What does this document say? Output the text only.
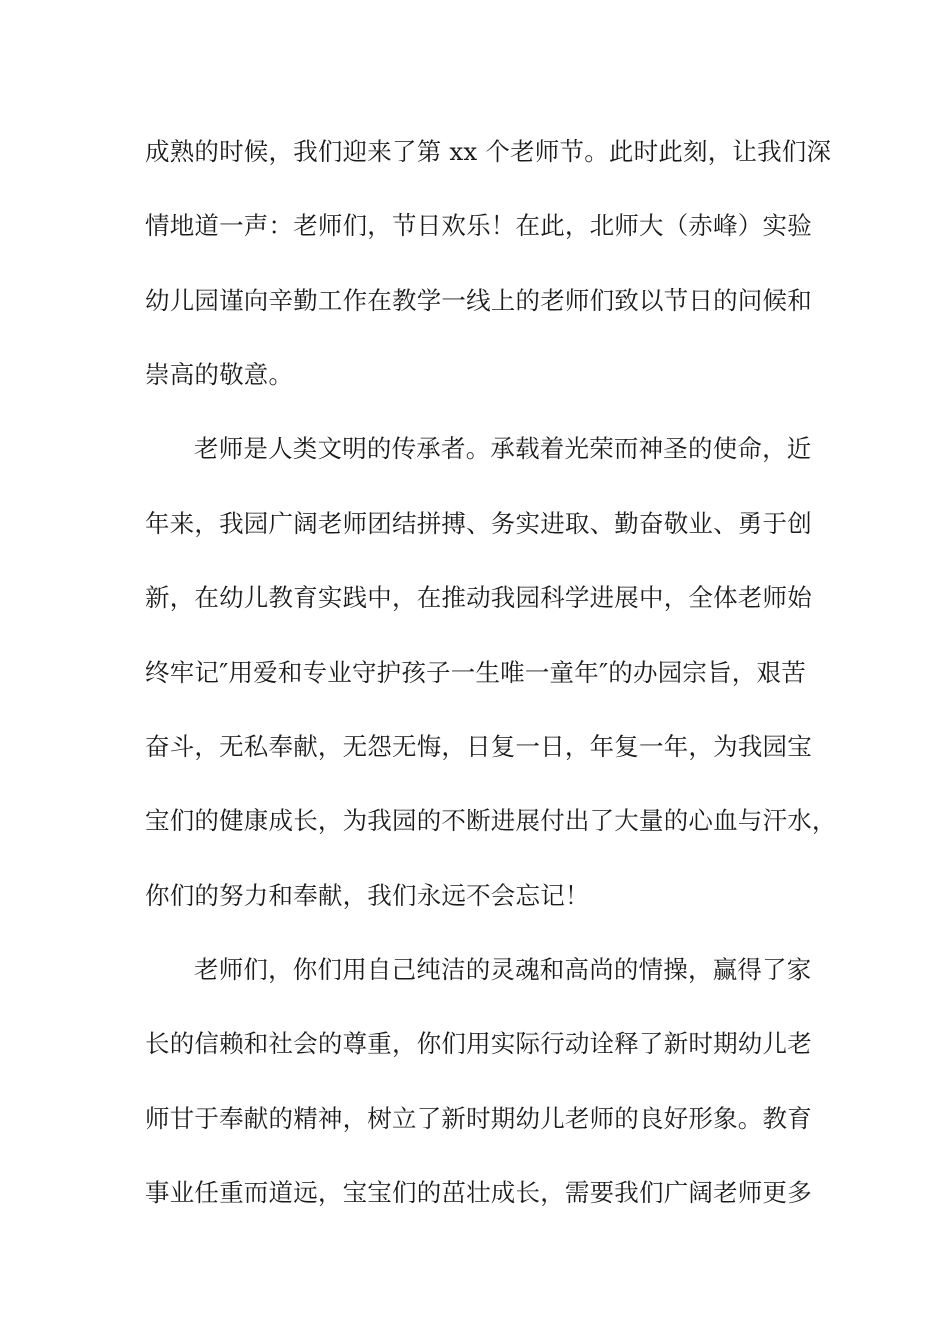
成熟的时候，我们迎来了第 xx 个老师节。此时此刻，让我们深
情地道一声：老师们，节日欢乐！在此，北师大（赤峰）实验
幼儿园谨向辛勤工作在教学一线上的老师们致以节日的问候和
崇高的敬意。
老师是人类文明的传承者。承载着光荣而神圣的使命，近
年来，我园广阔老师团结拼搏、务实进取、勤奋敬业、勇于创
新，在幼儿教育实践中，在推动我园科学进展中，全体老师始
终牢记″用爱和专业守护孩子一生唯一童年″的办园宗旨，艰苦
奋斗，无私奉献，无怨无悔，日复一日，年复一年，为我园宝
宝们的健康成长，为我园的不断进展付出了大量的心血与汗水，
你们的努力和奉献，我们永远不会忘记！
老师们，你们用自己纯洁的灵魂和高尚的情操，赢得了家
长的信赖和社会的尊重，你们用实际行动诠释了新时期幼儿老
师甘于奉献的精神，树立了新时期幼儿老师的良好形象。教育
事业任重而道远，宝宝们的茁壮成长，需要我们广阔老师更多
